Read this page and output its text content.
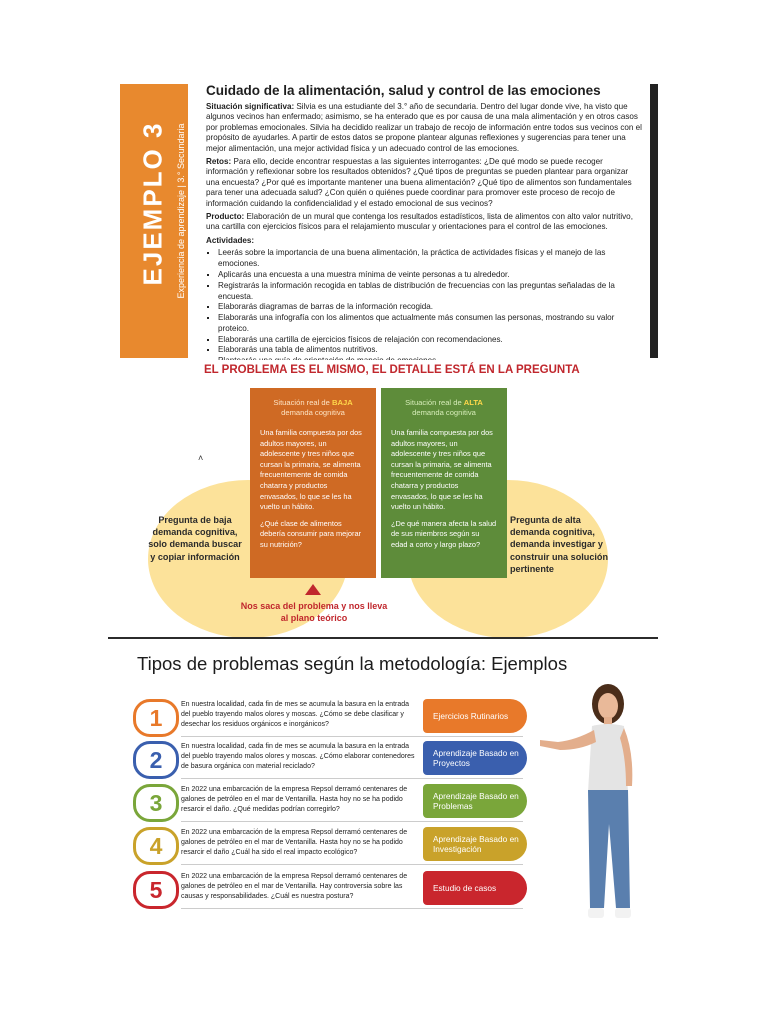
EJEMPLO 3 Experiencia de aprendizaje | 3.° Secundaria
Cuidado de la alimentación, salud y control de las emociones

Situación significativa: Silvia es una estudiante del 3.° año de secundaria. Dentro del lugar donde vive, ha visto que algunos vecinos han enfermado; asimismo, se ha enterado que es por causa de una mala alimentación y en otros casos por problemas emocionales. Silvia ha decidido realizar un trabajo de recojo de información entre todos sus vecinos con el propósito de ayudarles. A partir de estos datos se propone plantear algunas reflexiones y sugerencias para tener una mejor alimentación, una mejor actividad física y un adecuado control de las emociones.

Retos: Para ello, decide encontrar respuestas a las siguientes interrogantes: ¿De qué modo se puede recoger información y reflexionar sobre los resultados obtenidos? ¿Qué tipos de preguntas se pueden plantear para organizar una encuesta? ¿Por qué es importante mantener una buena alimentación? ¿Qué tipo de alimentos son fundamentales para tener una adecuada salud? ¿Con quién o quiénes puede coordinar para promover este proceso de recojo de información cuidando la confidencialidad y el estado emocional de sus vecinos?

Producto: Elaboración de un mural que contenga los resultados estadísticos, lista de alimentos con alto valor nutritivo, una cartilla con ejercicios físicos para el relajamiento muscular y orientaciones para el control de las emociones.

Actividades:
▪ Leerás sobre la importancia de una buena alimentación, la práctica de actividades físicas y el manejo de las emociones.
▪ Aplicarás una encuesta a una muestra mínima de veinte personas a tu alrededor.
▪ Registrarás la información recogida en tablas de distribución de frecuencias con las preguntas señaladas de la encuesta.
▪ Elaborarás diagramas de barras de la información recogida.
▪ Elaborarás una infografía con los alimentos que actualmente más consumen las personas, mostrando su valor proteico.
▪ Elaborarás una cartilla de ejercicios físicos de relajación con recomendaciones.
▪ Elaborarás una tabla de alimentos nutritivos.
▪
EL PROBLEMA ES EL MISMO, EL DETALLE ESTÁ EN LA PREGUNTA
˄
Situación real de BAJA
demanda cognitiva
Una familia compuesta por dos adultos mayores, un adolescente y tres niños que cursan la primaria, se alimenta frecuentemente de comida chatarra y productos envasados, lo que se les ha vuelto un hábito.
¿Qué clase de alimentos debería consumir para mejorar su nutrición?
Situación real de ALTA
demanda cognitiva
Una familia compuesta por dos adultos mayores, un adolescente y tres niños que cursan la primaria, se alimenta frecuentemente de comida chatarra y productos envasados, lo que se les ha vuelto un hábito.
¿De qué manera afecta la salud de sus miembros según su edad a corto y largo plazo?
Pregunta de baja demanda cognitiva, solo demanda buscar y copiar información
Pregunta de alta demanda cognitiva, demanda investigar y construir una solución pertinente
Nos saca del problema y nos lleva al plano teórico
Tipos de problemas según la metodología: Ejemplos
1
En nuestra localidad, cada fin de mes se acumula la basura en la entrada del pueblo trayendo malos olores y moscas. ¿Cómo se debe clasificar y desechar los residuos orgánicos e inorgánicos?
Ejercicios Rutinarios
2
En nuestra localidad, cada fin de mes se acumula la basura en la entrada del pueblo trayendo malos olores y moscas. ¿Cómo elaborar contenedores de basura orgánica con material reciclado?
Aprendizaje Basado en Proyectos
3
En 2022 una embarcación de la empresa Repsol derramó centenares de galones de petróleo en el mar de Ventanilla. Hasta hoy no se ha podido resarcir el daño. ¿Qué medidas podrían corregirlo?
Aprendizaje Basado en Problemas
4
En 2022 una embarcación de la empresa Repsol derramó centenares de galones de petróleo en el mar de Ventanilla. Hasta hoy no se ha podido resarcir el daño ¿Cuál ha sido el real impacto ecológico?
Aprendizaje Basado en Investigación
5
En 2022 una embarcación de la empresa Repsol derramó centenares de galones de petróleo en el mar de Ventanilla. Hay controversia sobre las causas y responsabilidades. ¿Cuál es nuestra postura?
Estudio de casos
